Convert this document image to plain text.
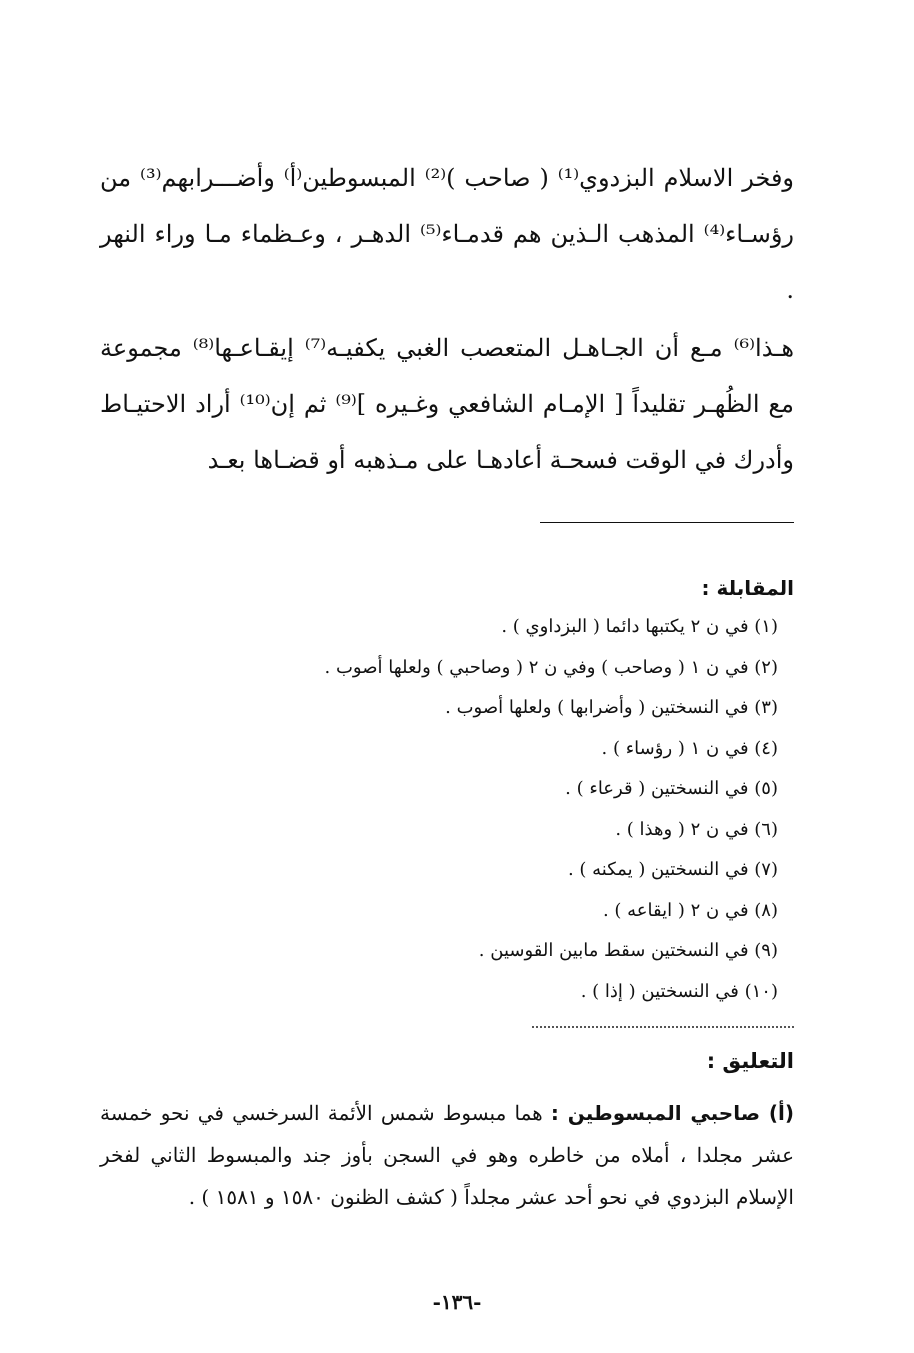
وفخر الاسلام البزدوي⁽¹⁾ ( صاحب )⁽²⁾ المبسوطين⁽أ⁾ وأضـــرابهم⁽³⁾ من رؤسـاء⁽⁴⁾ المذهب الـذين هم قدمـاء⁽⁵⁾ الدهـر ، وعـظماء مـا وراء النهر .

هـذا⁽⁶⁾ مـع أن الجـاهـل المتعصب الغبي يكفيـه⁽⁷⁾ إيقـاعـها⁽⁸⁾ مجموعة مع الظُهـر تقليداً [ الإمـام الشافعي وغـيره ]⁽⁹⁾ ثم إن⁽¹⁰⁾ أراد الاحتيـاط وأدرك في الوقت فسحـة أعادهـا على مـذهبه أو قضـاها بعـد

المقابلة :
(١) في ن ٢ يكتبها دائما ( البزداوي ) .
(٢) في ن ١ ( وصاحب ) وفي ن ٢ ( وصاحبي ) ولعلها أصوب .
(٣) في النسختين ( وأضرابها ) ولعلها أصوب .
(٤) في ن ١ ( رؤساء ) .
(٥) في النسختين ( قرعاء ) .
(٦) في ن ٢ ( وهذا ) .
(٧) في النسختين ( يمكنه ) .
(٨) في ن ٢ ( ايقاعه ) .
(٩) في النسختين سقط مابين القوسين .
(١٠) في النسختين ( إذا ) .
التعليق :

(أ) صاحبي المبسوطين : هما مبسوط شمس الأئمة السرخسي في نحو خمسة عشر مجلدا ، أملاه من خاطره وهو في السجن بأوز جند والمبسوط الثاني لفخر الإسلام البزدوي في نحو أحد عشر مجلداً ( كشف الظنون ١٥٨٠ و ١٥٨١ ) .

-١٣٦-
